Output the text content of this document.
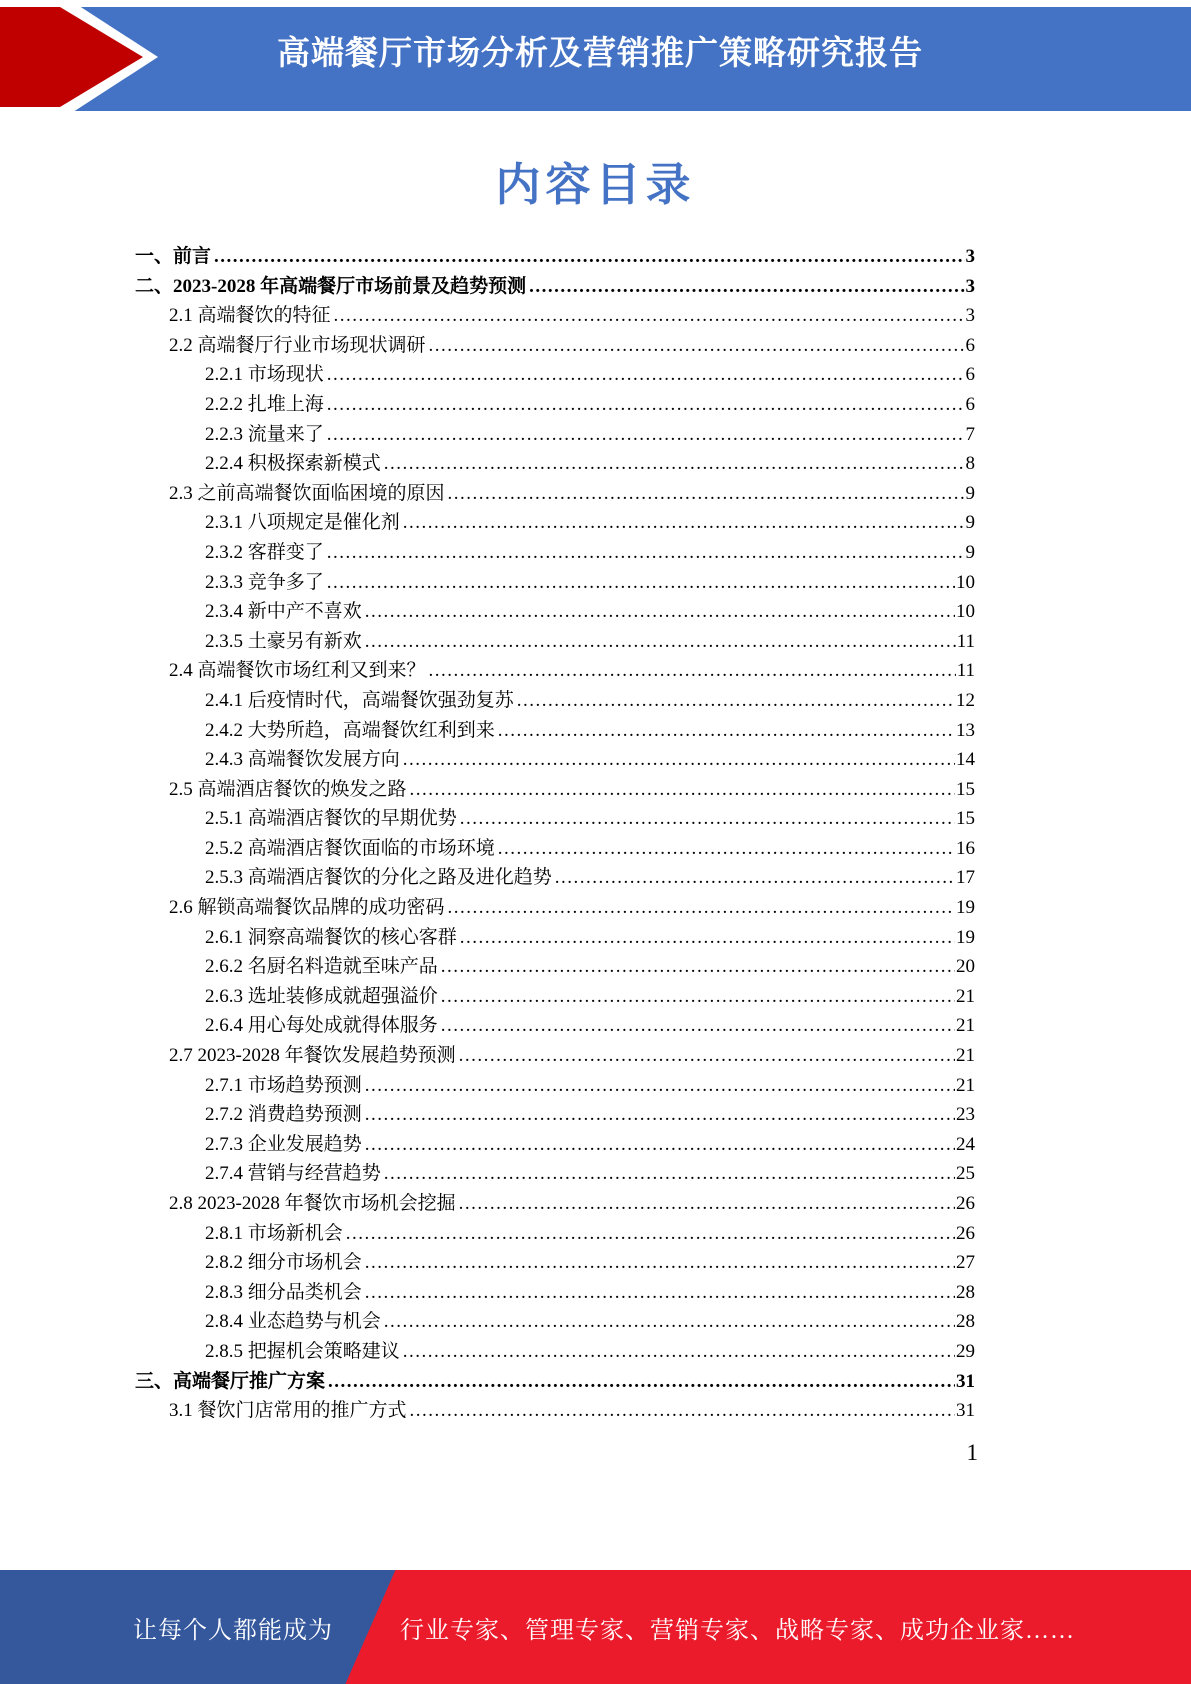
高端餐厅市场分析及营销推广策略研究报告
内容目录
一、前言 .....	3
二、2023-2028 年高端餐厅市场前景及趋势预测 .....	3
2.1 高端餐饮的特征 .....	3
2.2 高端餐厅行业市场现状调研 .....	6
2.2.1 市场现状 .....	6
2.2.2 扎堆上海 .....	6
2.2.3 流量来了 .....	7
2.2.4 积极探索新模式 .....	8
2.3 之前高端餐饮面临困境的原因 .....	9
2.3.1 八项规定是催化剂 .....	9
2.3.2 客群变了 .....	9
2.3.3 竞争多了 .....	10
2.3.4 新中产不喜欢 .....	10
2.3.5 土豪另有新欢 .....	11
2.4 高端餐饮市场红利又到来？ .....	11
2.4.1 后疫情时代，高端餐饮强劲复苏 .....	12
2.4.2 大势所趋，高端餐饮红利到来 .....	13
2.4.3 高端餐饮发展方向 .....	14
2.5 高端酒店餐饮的焕发之路 .....	15
2.5.1 高端酒店餐饮的早期优势 .....	15
2.5.2 高端酒店餐饮面临的市场环境 .....	16
2.5.3 高端酒店餐饮的分化之路及进化趋势 .....	17
2.6 解锁高端餐饮品牌的成功密码 .....	19
2.6.1 洞察高端餐饮的核心客群 .....	19
2.6.2 名厨名料造就至味产品 .....	20
2.6.3 选址装修成就超强溢价 .....	21
2.6.4 用心每处成就得体服务 .....	21
2.7 2023-2028 年餐饮发展趋势预测 .....	21
2.7.1 市场趋势预测 .....	21
2.7.2 消费趋势预测 .....	23
2.7.3 企业发展趋势 .....	24
2.7.4 营销与经营趋势 .....	25
2.8 2023-2028 年餐饮市场机会挖掘 .....	26
2.8.1 市场新机会 .....	26
2.8.2 细分市场机会 .....	27
2.8.3 细分品类机会 .....	28
2.8.4 业态趋势与机会 .....	28
2.8.5 把握机会策略建议 .....	29
三、高端餐厅推广方案 .....	31
3.1 餐饮门店常用的推广方式 .....	31
1
让每个人都能成为	行业专家、管理专家、营销专家、战略专家、成功企业家……
